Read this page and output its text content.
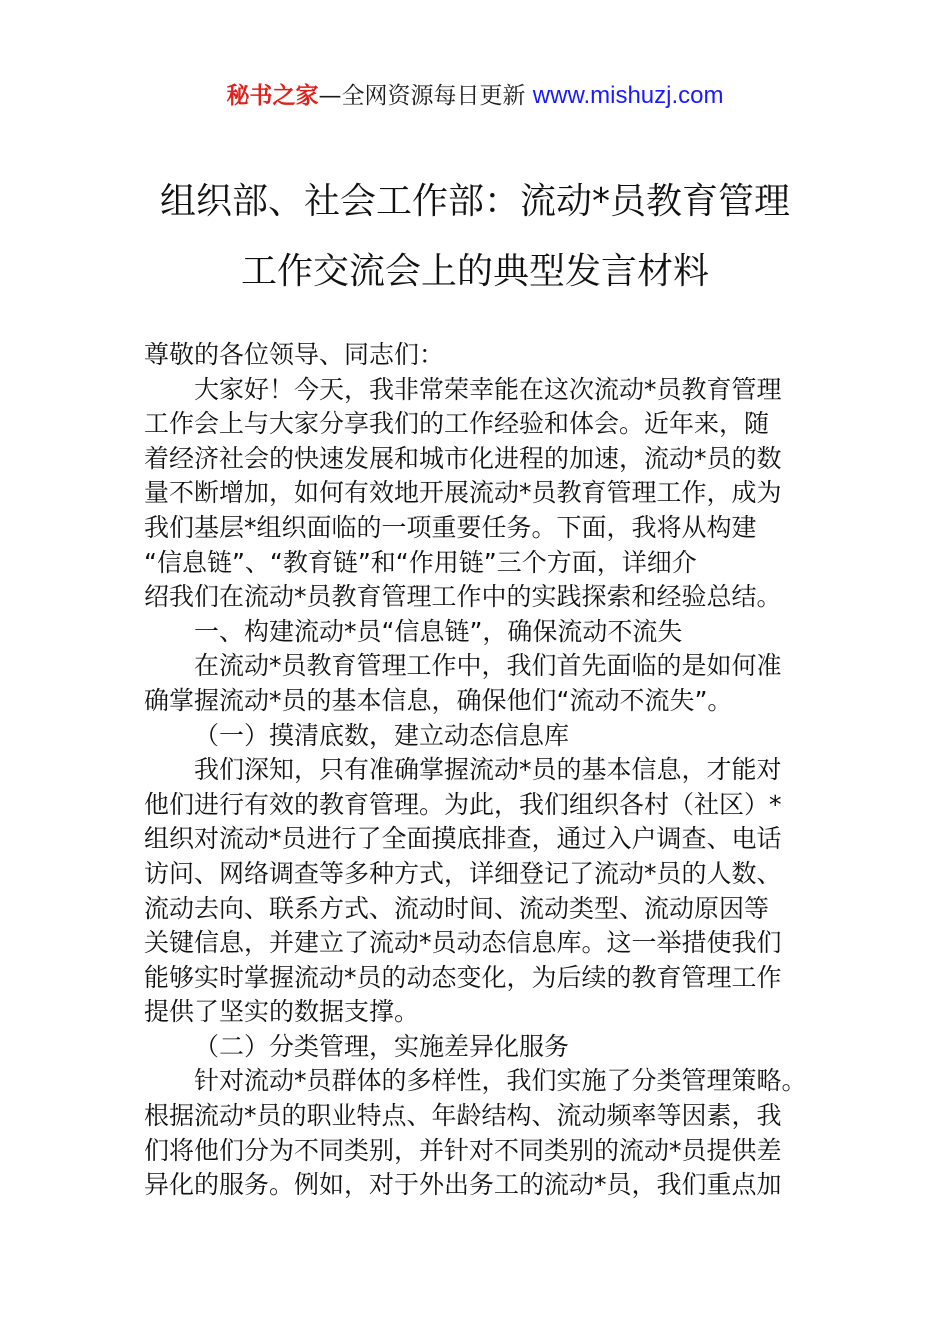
秘书之家—全网资源每日更新 www.mishuzj.com
组织部、社会工作部：流动*员教育管理
工作交流会上的典型发言材料
尊敬的各位领导、同志们：
大家好！今天，我非常荣幸能在这次流动*员教育管理
工作会上与大家分享我们的工作经验和体会。近年来，随
着经济社会的快速发展和城市化进程的加速，流动*员的数
量不断增加，如何有效地开展流动*员教育管理工作，成为
我们基层*组织面临的一项重要任务。下面，我将从构建
“信息链”、“教育链”和“作用链”三个方面，详细介
绍我们在流动*员教育管理工作中的实践探索和经验总结。
一、构建流动*员“信息链”，确保流动不流失
在流动*员教育管理工作中，我们首先面临的是如何准
确掌握流动*员的基本信息，确保他们“流动不流失”。
（一）摸清底数，建立动态信息库
我们深知，只有准确掌握流动*员的基本信息，才能对
他们进行有效的教育管理。为此，我们组织各村（社区）*
组织对流动*员进行了全面摸底排查，通过入户调查、电话
访问、网络调查等多种方式，详细登记了流动*员的人数、
流动去向、联系方式、流动时间、流动类型、流动原因等
关键信息，并建立了流动*员动态信息库。这一举措使我们
能够实时掌握流动*员的动态变化，为后续的教育管理工作
提供了坚实的数据支撑。
（二）分类管理，实施差异化服务
针对流动*员群体的多样性，我们实施了分类管理策略。
根据流动*员的职业特点、年龄结构、流动频率等因素，我
们将他们分为不同类别，并针对不同类别的流动*员提供差
异化的服务。例如，对于外出务工的流动*员，我们重点加
